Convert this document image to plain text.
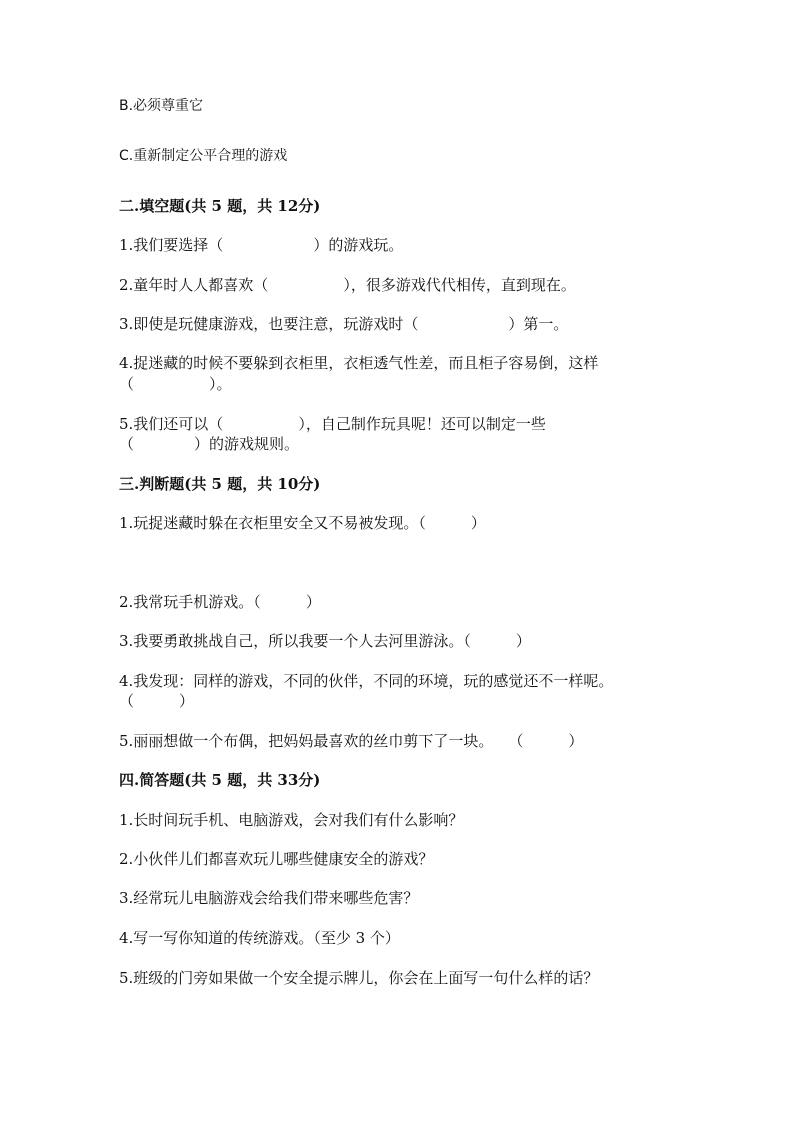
B.必须尊重它
C.重新制定公平合理的游戏
二.填空题(共 5 题，共 12分)
1.我们要选择（　　　　　　）的游戏玩。
2.童年时人人都喜欢（　　　　　），很多游戏代代相传，直到现在。
3.即使是玩健康游戏，也要注意，玩游戏时（　　　　　　）第一。
4.捉迷藏的时候不要躲到衣柜里，衣柜透气性差，而且柜子容易倒，这样
（　　　　　）。
5.我们还可以（　　　　　），自己制作玩具呢！还可以制定一些
（　　　　）的游戏规则。
三.判断题(共 5 题，共 10分)
1.玩捉迷藏时躲在衣柜里安全又不易被发现。（　　　）
2.我常玩手机游戏。（　　　）
3.我要勇敢挑战自己，所以我要一个人去河里游泳。（　　　）
4.我发现：同样的游戏，不同的伙伴，不同的环境，玩的感觉还不一样呢。
（　　　）
5.丽丽想做一个布偶，把妈妈最喜欢的丝巾剪下了一块。　　（　　　）
四.简答题(共 5 题，共 33分)
1.长时间玩手机、电脑游戏，会对我们有什么影响？
2.小伙伴儿们都喜欢玩儿哪些健康安全的游戏？
3.经常玩儿电脑游戏会给我们带来哪些危害？
4.写一写你知道的传统游戏。（至少 3 个）
5.班级的门旁如果做一个安全提示牌儿，你会在上面写一句什么样的话？
